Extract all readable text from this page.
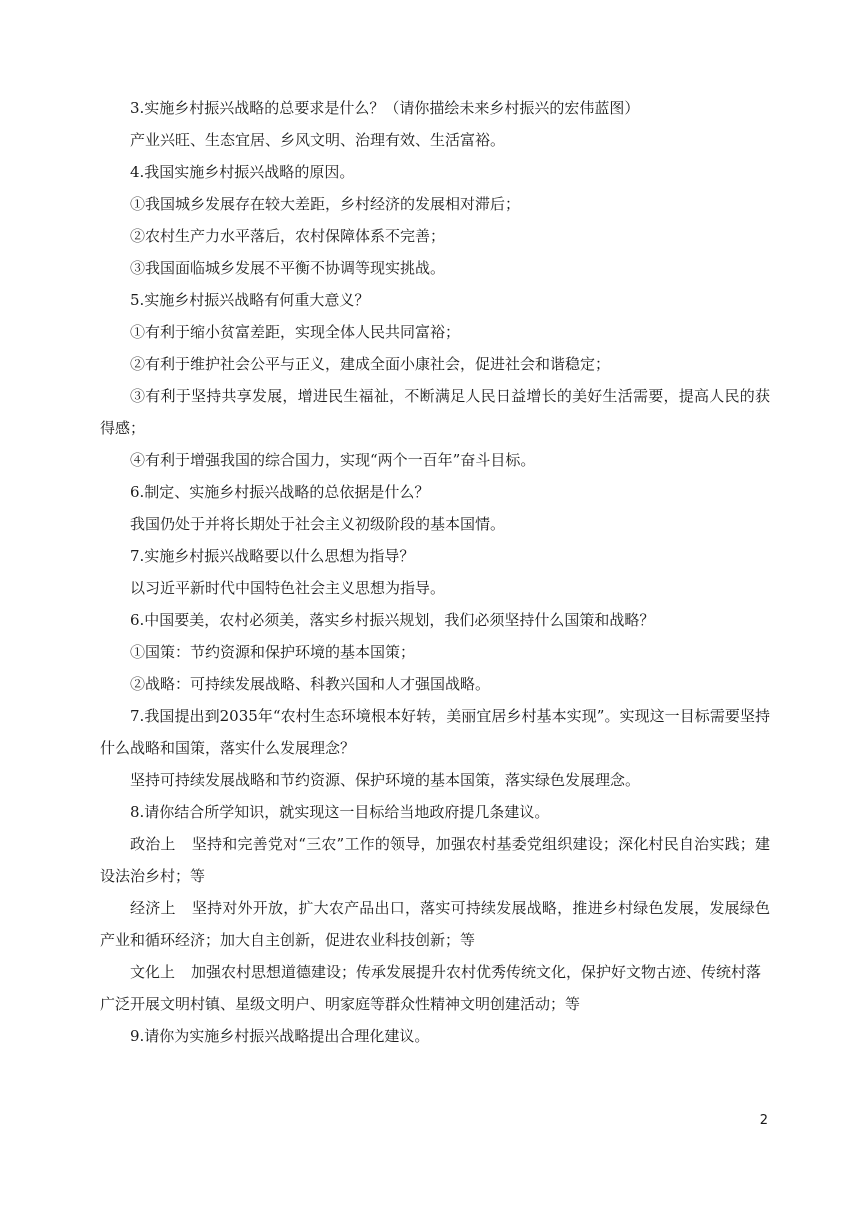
3.实施乡村振兴战略的总要求是什么？（请你描绘未来乡村振兴的宏伟蓝图）

产业兴旺、生态宜居、乡风文明、治理有效、生活富裕。

4.我国实施乡村振兴战略的原因。

①我国城乡发展存在较大差距，乡村经济的发展相对滞后；

②农村生产力水平落后，农村保障体系不完善；

③我国面临城乡发展不平衡不协调等现实挑战。

5.实施乡村振兴战略有何重大意义？

①有利于缩小贫富差距，实现全体人民共同富裕；

②有利于维护社会公平与正义，建成全面小康社会，促进社会和谐稳定；

③有利于坚持共享发展，增进民生福祉，不断满足人民日益增长的美好生活需要，提高人民的获得感；

④有利于增强我国的综合国力，实现“两个一百年”奋斗目标。

6.制定、实施乡村振兴战略的总依据是什么？

我国仍处于并将长期处于社会主义初级阶段的基本国情。

7.实施乡村振兴战略要以什么思想为指导？

以习近平新时代中国特色社会主义思想为指导。

6.中国要美，农村必须美，落实乡村振兴规划，我们必须坚持什么国策和战略？

①国策：节约资源和保护环境的基本国策；

②战略：可持续发展战略、科教兴国和人才强国战略。

7.我国提出到2035年“农村生态环境根本好转，美丽宜居乡村基本实现”。实现这一目标需要坚持什么战略和国策，落实什么发展理念？

坚持可持续发展战略和节约资源、保护环境的基本国策，落实绿色发展理念。

8.请你结合所学知识，就实现这一目标给当地政府提几条建议。

政治上 坚持和完善党对“三农”工作的领导，加强农村基委党组织建设；深化村民自治实践；建设法治乡村；等

经济上 坚持对外开放，扩大农产品出口，落实可持续发展战略，推进乡村绿色发展，发展绿色产业和循环经济；加大自主创新，促进农业科技创新；等

文化上 加强农村思想道德建设；传承发展提升农村优秀传统文化，保护好文物古迹、传统村落

广泛开展文明村镇、星级文明户、明家庭等群众性精神文明创建活动；等

9.请你为实施乡村振兴战略提出合理化建议。

2
